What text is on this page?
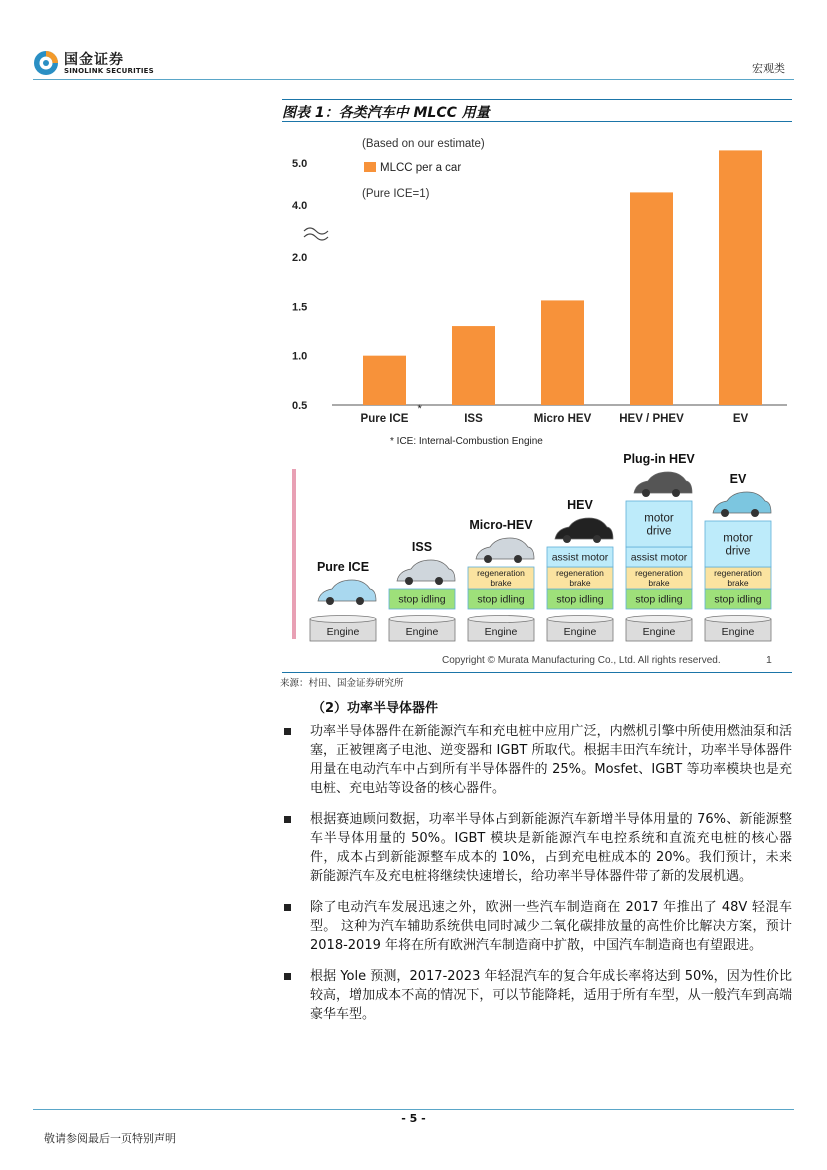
国金证券
SINOLINK SECURITIES	宏观类
图表 1：各类汽车中 MLCC 用量
(Based on our estimate)
MLCC per a car
(Pure ICE=1)
5.0
4.0
2.0
1.5
1.0
0.5
Pure ICE	ISS	Micro HEV HEV / PHEV	EV
*
* ICE: Internal-Combustion Engine
Engine
Pure ICE
Engine
stop idling
ISS
Engine
stop idling
regeneration
brake
Micro-HEV
Engine
stop idling
regeneration
brake
assist motor
HEV
Engine
stop idling
regeneration
brake
assist motor
motor
drive
Plug-in HEV
Engine
stop idling
regeneration
brake
motor
drive
EV
Copyright © Murata Manufacturing Co., Ltd. All rights reserved.	1
来源：村田、国金证券研究所
（2）功率半导体器件
功率半导体器件在新能源汽车和充电桩中应用广泛，内燃机引擎中所使用燃油泵和活塞，正被锂离子电池、逆变器和 IGBT 所取代。根据丰田汽车统计，功率半导体器件用量在电动汽车中占到所有半导体器件的 25%。Mosfet、IGBT 等功率模块也是充电桩、充电站等设备的核心器件。
根据赛迪顾问数据，功率半导体占到新能源汽车新增半导体用量的 76%、新能源整车半导体用量的 50%。IGBT 模块是新能源汽车电控系统和直流充电桩的核心器件，成本占到新能源整车成本的 10%，占到充电桩成本的 20%。我们预计，未来新能源汽车及充电桩将继续快速增长，给功率半导体器件带了新的发展机遇。
除了电动汽车发展迅速之外，欧洲一些汽车制造商在 2017 年推出了 48V 轻混车型。 这种为汽车辅助系统供电同时减少二氧化碳排放量的高性价比解决方案，预计 2018-2019 年将在所有欧洲汽车制造商中扩散，中国汽车制造商也有望跟进。
根据 Yole 预测，2017-2023 年轻混汽车的复合年成长率将达到 50%，因为性价比较高，增加成本不高的情况下，可以节能降耗，适用于所有车型，从一般汽车到高端豪华车型。
- 5 -
敬请参阅最后一页特别声明
